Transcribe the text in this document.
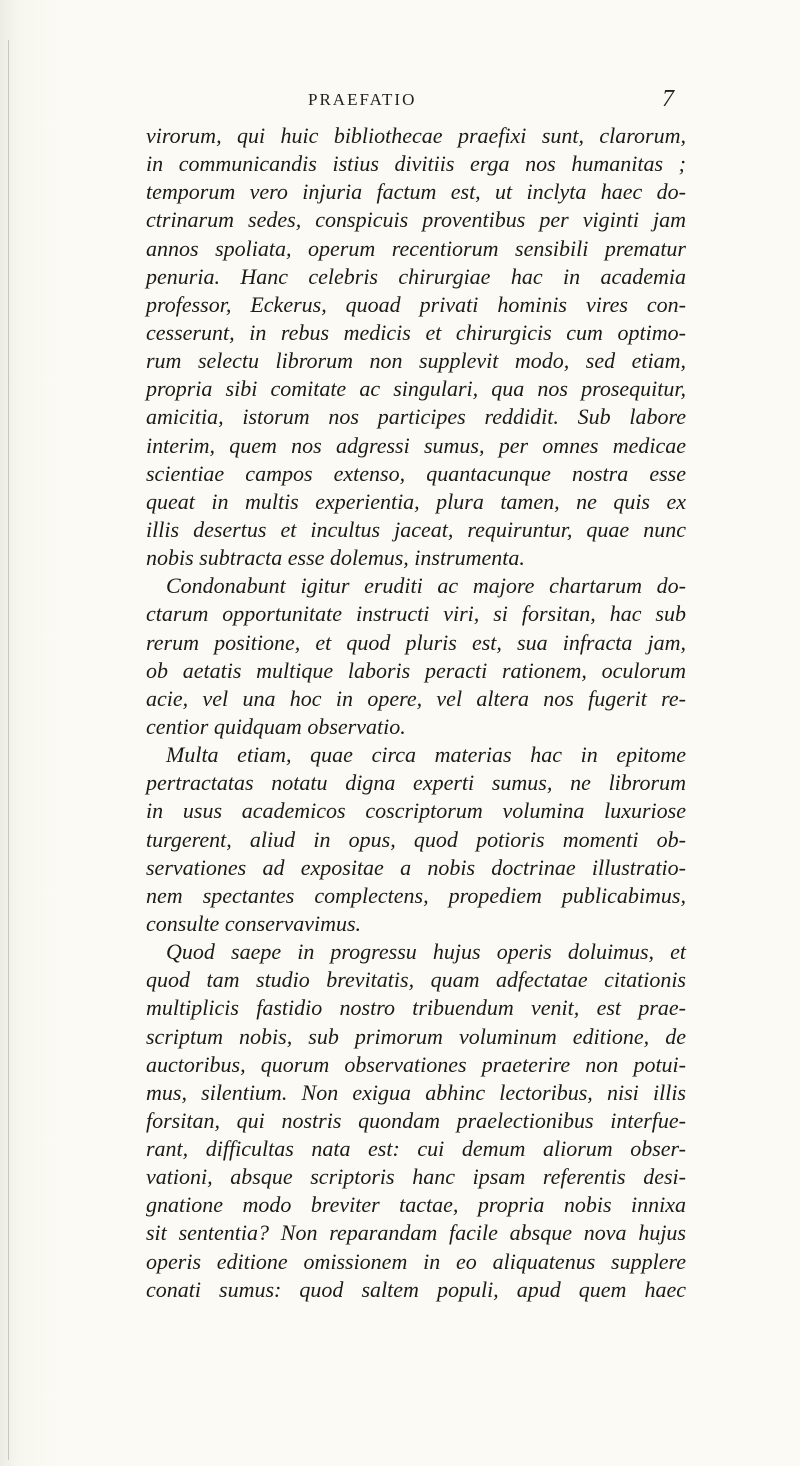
PRAEFATIO	7
virorum, qui huic bibliothecae praefixi sunt, clarorum,
in communicandis istius divitiis erga nos humanitas ;
temporum vero injuria factum est, ut inclyta haec do-
ctrinarum sedes, conspicuis proventibus per viginti jam
annos spoliata, operum recentiorum sensibili prematur
penuria. Hanc celebris chirurgiae hac in academia
professor, Eckerus, quoad privati hominis vires con-
cesserunt, in rebus medicis et chirurgicis cum optimo-
rum selectu librorum non supplevit modo, sed etiam,
propria sibi comitate ac singulari, qua nos prosequitur,
amicitia, istorum nos participes reddidit. Sub labore
interim, quem nos adgressi sumus, per omnes medicae
scientiae campos extenso, quantacunque nostra esse
queat in multis experientia, plura tamen, ne quis ex
illis desertus et incultus jaceat, requiruntur, quae nunc
nobis subtracta esse dolemus, instrumenta.
Condonabunt igitur eruditi ac majore chartarum do-
ctarum opportunitate instructi viri, si forsitan, hac sub
rerum positione, et quod pluris est, sua infracta jam,
ob aetatis multique laboris peracti rationem, oculorum
acie, vel una hoc in opere, vel altera nos fugerit re-
centior quidquam observatio.
Multa etiam, quae circa materias hac in epitome
pertractatas notatu digna experti sumus, ne librorum
in usus academicos coscriptorum volumina luxuriose
turgerent, aliud in opus, quod potioris momenti ob-
servationes ad expositae a nobis doctrinae illustratio-
nem spectantes complectens, propediem publicabimus,
consulte conservavimus.
Quod saepe in progressu hujus operis doluimus, et
quod tam studio brevitatis, quam adfectatae citationis
multiplicis fastidio nostro tribuendum venit, est prae-
scriptum nobis, sub primorum voluminum editione, de
auctoribus, quorum observationes praeterire non potui-
mus, silentium. Non exigua abhinc lectoribus, nisi illis
forsitan, qui nostris quondam praelectionibus interfue-
rant, difficultas nata est: cui demum aliorum obser-
vationi, absque scriptoris hanc ipsam referentis desi-
gnatione modo breviter tactae, propria nobis innixa
sit sententia? Non reparandam facile absque nova hujus
operis editione omissionem in eo aliquatenus supplere
conati sumus: quod saltem populi, apud quem haec
